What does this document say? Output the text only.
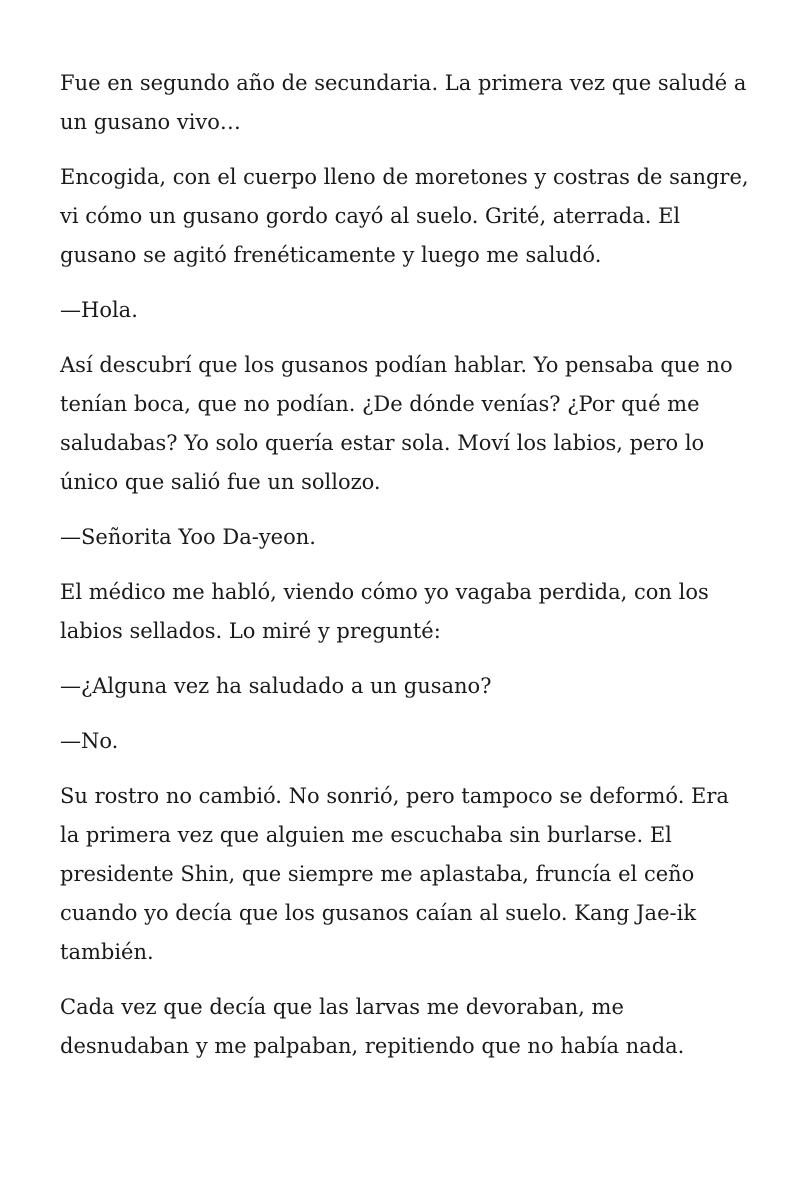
Fue en segundo año de secundaria. La primera vez que saludé a un gusano vivo…

Encogida, con el cuerpo lleno de moretones y costras de sangre, vi cómo un gusano gordo cayó al suelo. Grité, aterrada. El gusano se agitó frenéticamente y luego me saludó.

—Hola.

Así descubrí que los gusanos podían hablar. Yo pensaba que no tenían boca, que no podían. ¿De dónde venías? ¿Por qué me saludabas? Yo solo quería estar sola. Moví los labios, pero lo único que salió fue un sollozo.

—Señorita Yoo Da-yeon.

El médico me habló, viendo cómo yo vagaba perdida, con los labios sellados. Lo miré y pregunté:

—¿Alguna vez ha saludado a un gusano?

—No.

Su rostro no cambió. No sonrió, pero tampoco se deformó. Era la primera vez que alguien me escuchaba sin burlarse. El presidente Shin, que siempre me aplastaba, fruncía el ceño cuando yo decía que los gusanos caían al suelo. Kang Jae-ik también.

Cada vez que decía que las larvas me devoraban, me desnudaban y me palpaban, repitiendo que no había nada.
